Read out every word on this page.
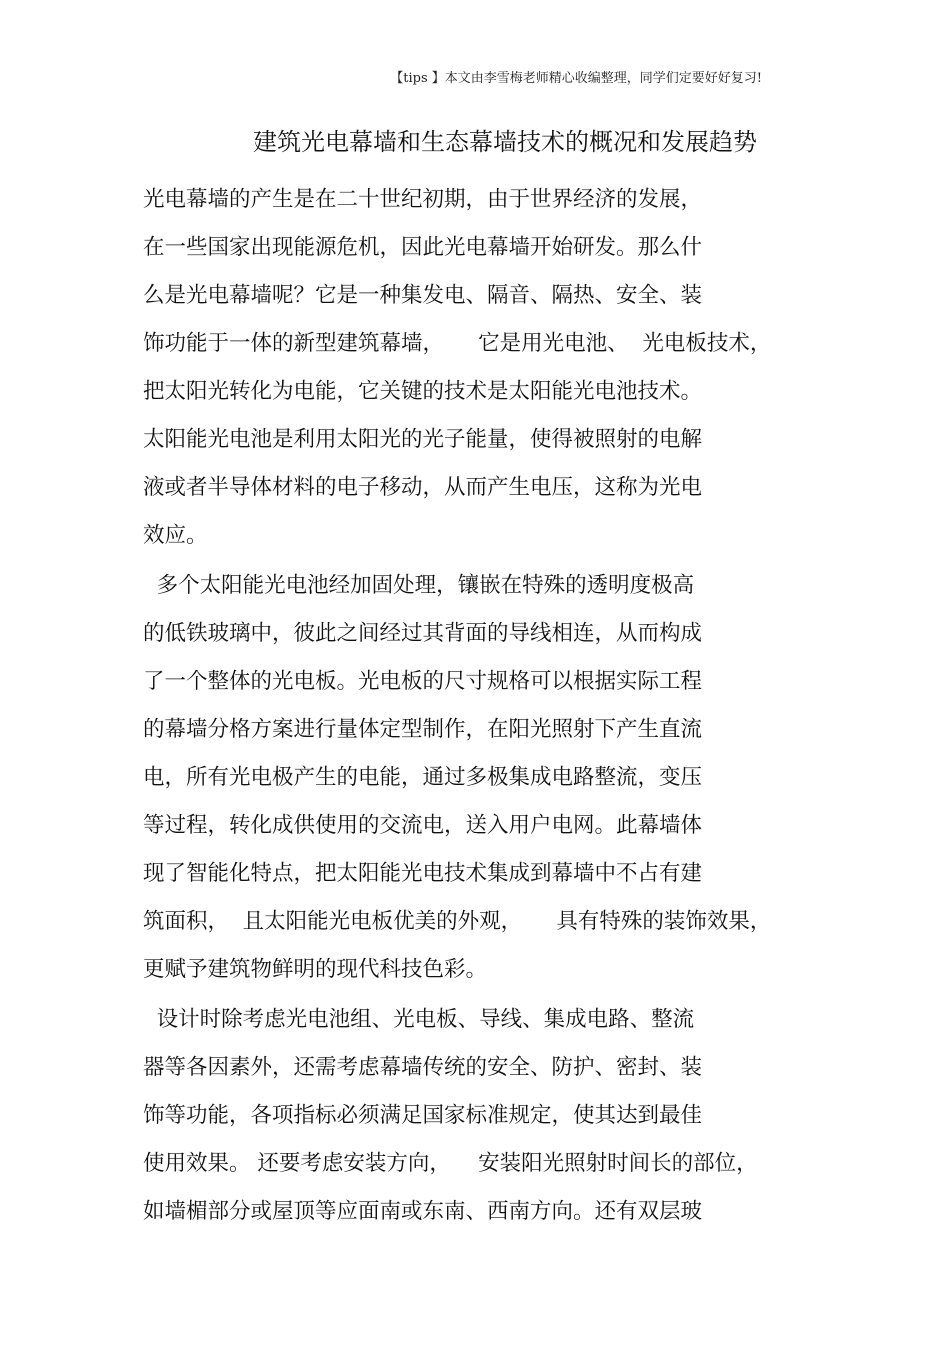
【tips 】本文由李雪梅老师精心收编整理，同学们定要好好复习!
建筑光电幕墙和生态幕墙技术的概况和发展趋势
光电幕墙的产生是在二十世纪初期，由于世界经济的发展，
在一些国家出现能源危机，因此光电幕墙开始研发。那么什
么是光电幕墙呢？它是一种集发电、隔音、隔热、安全、装
饰功能于一体的新型建筑幕墙，     它是用光电池、  光电板技术，
把太阳光转化为电能，它关键的技术是太阳能光电池技术。
太阳能光电池是利用太阳光的光子能量，使得被照射的电解
液或者半导体材料的电子移动，从而产生电压，这称为光电
效应。
多个太阳能光电池经加固处理，镶嵌在特殊的透明度极高
的低铁玻璃中，彼此之间经过其背面的导线相连，从而构成
了一个整体的光电板。光电板的尺寸规格可以根据实际工程
的幕墙分格方案进行量体定型制作，在阳光照射下产生直流
电，所有光电极产生的电能，通过多极集成电路整流，变压
等过程，转化成供使用的交流电，送入用户电网。此幕墙体
现了智能化特点，把太阳能光电技术集成到幕墙中不占有建
筑面积，  且太阳能光电板优美的外观，     具有特殊的装饰效果，
更赋予建筑物鲜明的现代科技色彩。
设计时除考虑光电池组、光电板、导线、集成电路、整流
器等各因素外，还需考虑幕墙传统的安全、防护、密封、装
饰等功能，各项指标必须满足国家标准规定，使其达到最佳
使用效果。 还要考虑安装方向，    安装阳光照射时间长的部位，
如墙楣部分或屋顶等应面南或东南、西南方向。还有双层玻
